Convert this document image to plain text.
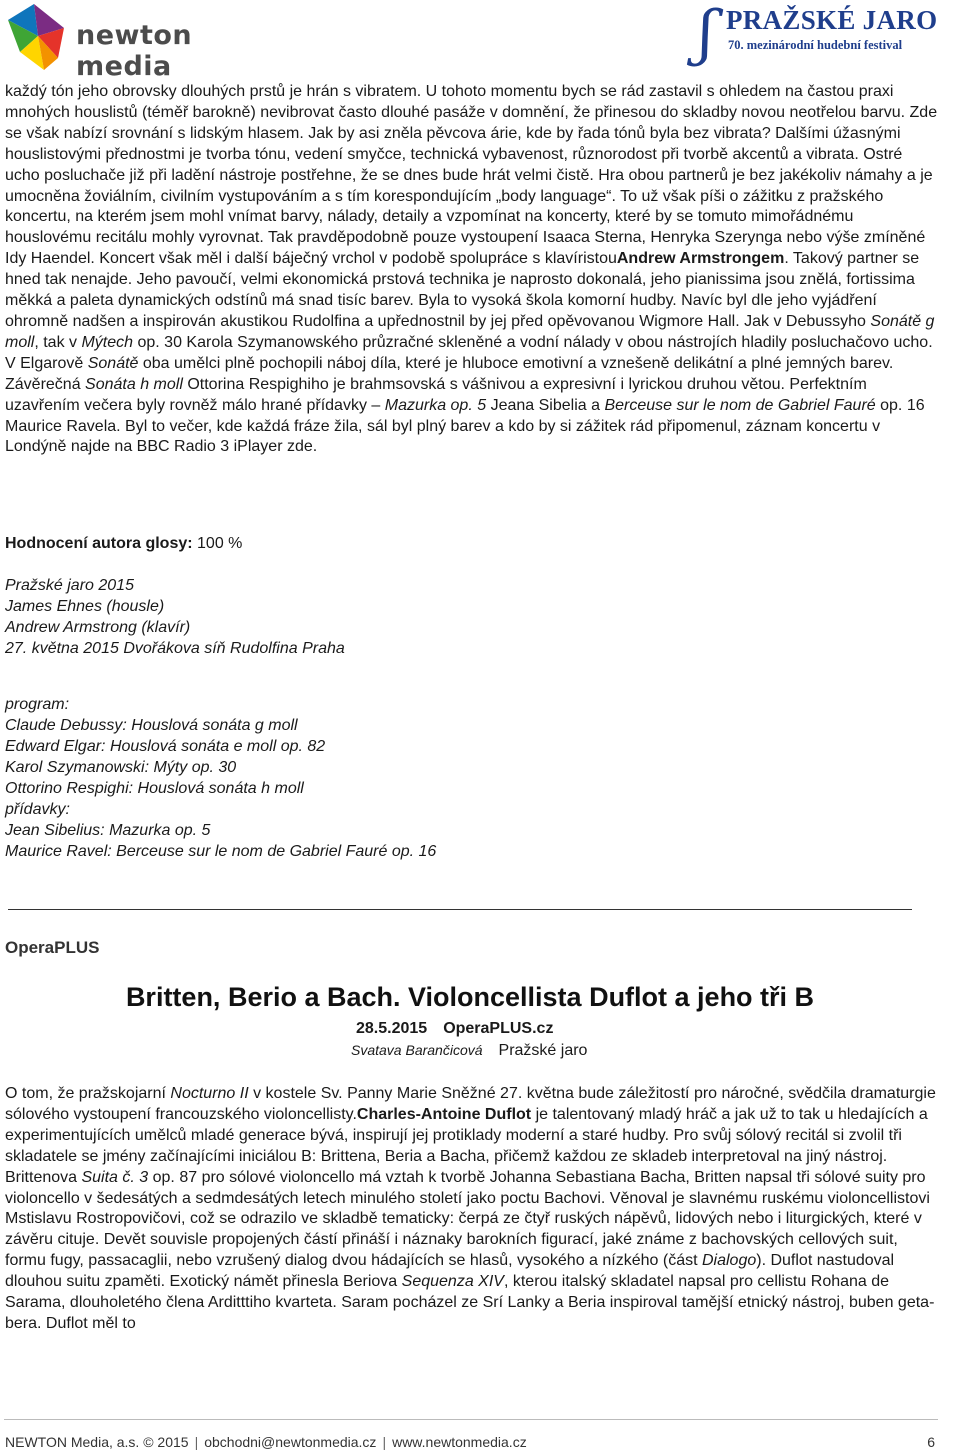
newton media	ʃ PRAŽSKÉ JARO
70. mezinárodní hudební festival
každý tón jeho obrovsky dlouhých prstů je hrán s vibratem. U tohoto momentu bych se rád zastavil s ohledem na častou praxi mnohých houslistů (téměř barokně) nevibrovat často dlouhé pasáže v domnění, že přinesou do skladby novou neotřelou barvu. Zde se však nabízí srovnání s lidským hlasem. Jak by asi zněla pěvcova árie, kde by řada tónů byla bez vibrata? Dalšími úžasnými houslistovými přednostmi je tvorba tónu, vedení smyčce, technická vybavenost, různorodost při tvorbě akcentů a vibrata. Ostré ucho posluchače již při ladění nástroje postřehne, že se dnes bude hrát velmi čistě. Hra obou partnerů je bez jakékoliv námahy a je umocněna žoviálním, civilním vystupováním a s tím korespondujícím „body language“. To už však píši o zážitku z pražského koncertu, na kterém jsem mohl vnímat barvy, nálady, detaily a vzpomínat na koncerty, které by se tomuto mimořádnému houslovému recitálu mohly vyrovnat. Tak pravděpodobně pouze vystoupení Isaaca Sterna, Henryka Szerynga nebo výše zmíněné Idy Haendel. Koncert však měl i další báječný vrchol v podobě spolupráce s klavíristouAndrew Armstrongem. Takový partner se hned tak nenajde. Jeho pavoučí, velmi ekonomická prstová technika je naprosto dokonalá, jeho pianissima jsou znělá, fortissima měkká a paleta dynamických odstínů má snad tisíc barev. Byla to vysoká škola komorní hudby. Navíc byl dle jeho vyjádření ohromně nadšen a inspirován akustikou Rudolfina a upřednostnil by jej před opěvovanou Wigmore Hall. Jak v Debussyho Sonátě g moll, tak v Mýtech op. 30 Karola Szymanowského průzračné skleněné a vodní nálady v obou nástrojích hladily posluchačovo ucho. V Elgarově Sonátě oba umělci plně pochopili náboj díla, které je hluboce emotivní a vznešeně delikátní a plné jemných barev. Závěrečná Sonáta h moll Ottorina Respighiho je brahmsovská s vášnivou a expresivní i lyrickou druhou větou. Perfektním uzavřením večera byly rovněž málo hrané přídavky – Mazurka op. 5 Jeana Sibelia a Berceuse sur le nom de Gabriel Fauré op. 16 Maurice Ravela. Byl to večer, kde každá fráze žila, sál byl plný barev a kdo by si zážitek rád připomenul, záznam koncertu v Londýně najde na BBC Radio 3 iPlayer zde.
Hodnocení autora glosy: 100 %
Pražské jaro 2015
James Ehnes (housle)
Andrew Armstrong (klavír)
27. května 2015 Dvořákova síň Rudolfina Praha
program:
Claude Debussy: Houslová sonáta g moll
Edward Elgar: Houslová sonáta e moll op. 82
Karol Szymanowski: Mýty op. 30
Ottorino Respighi: Houslová sonáta h moll
přídavky:
Jean Sibelius: Mazurka op. 5
Maurice Ravel: Berceuse sur le nom de Gabriel Fauré op. 16
OperaPLUS
Britten, Berio a Bach. Violoncellista Duflot a jeho tři B
28.5.2015 OperaPLUS.cz
Svatava Barančicová Pražské jaro
O tom, že pražskojarní Nocturno II v kostele Sv. Panny Marie Sněžné 27. května bude záležitostí pro náročné, svědčila dramaturgie sólového vystoupení francouzského violoncellisty.Charles-Antoine Duflot je talentovaný mladý hráč a jak už to tak u hledajících a experimentujících umělců mladé generace bývá, inspirují jej protiklady moderní a staré hudby. Pro svůj sólový recitál si zvolil tři skladatele se jmény začínajícími iniciálou B: Brittena, Beria a Bacha, přičemž každou ze skladeb interpretoval na jiný nástroj. Brittenova Suita č. 3 op. 87 pro sólové violoncello má vztah k tvorbě Johanna Sebastiana Bacha, Britten napsal tři sólové suity pro violoncello v šedesátých a sedmdesátých letech minulého století jako poctu Bachovi. Věnoval je slavnému ruskému violoncellistovi Mstislavu Rostropovičovi, což se odrazilo ve skladbě tematicky: čerpá ze čtyř ruských nápěvů, lidových nebo i liturgických, které v závěru cituje. Devět souvisle propojených částí přináší i náznaky barokních figurací, jaké známe z bachovských cellových suit, formu fugy, passacaglii, nebo vzrušený dialog dvou hádajících se hlasů, vysokého a nízkého (část Dialogo). Duflot nastudoval dlouhou suitu zpaměti. Exotický námět přinesla Beriova Sequenza XIV, kterou italský skladatel napsal pro cellistu Rohana de Sarama, dlouholetého člena Arditttiho kvarteta. Saram pocházel ze Srí Lanky a Beria inspiroval tamější etnický nástroj, buben geta-bera. Duflot měl to
NEWTON Media, a.s. © 2015 | obchodni@newtonmedia.cz | www.newtonmedia.cz	6
